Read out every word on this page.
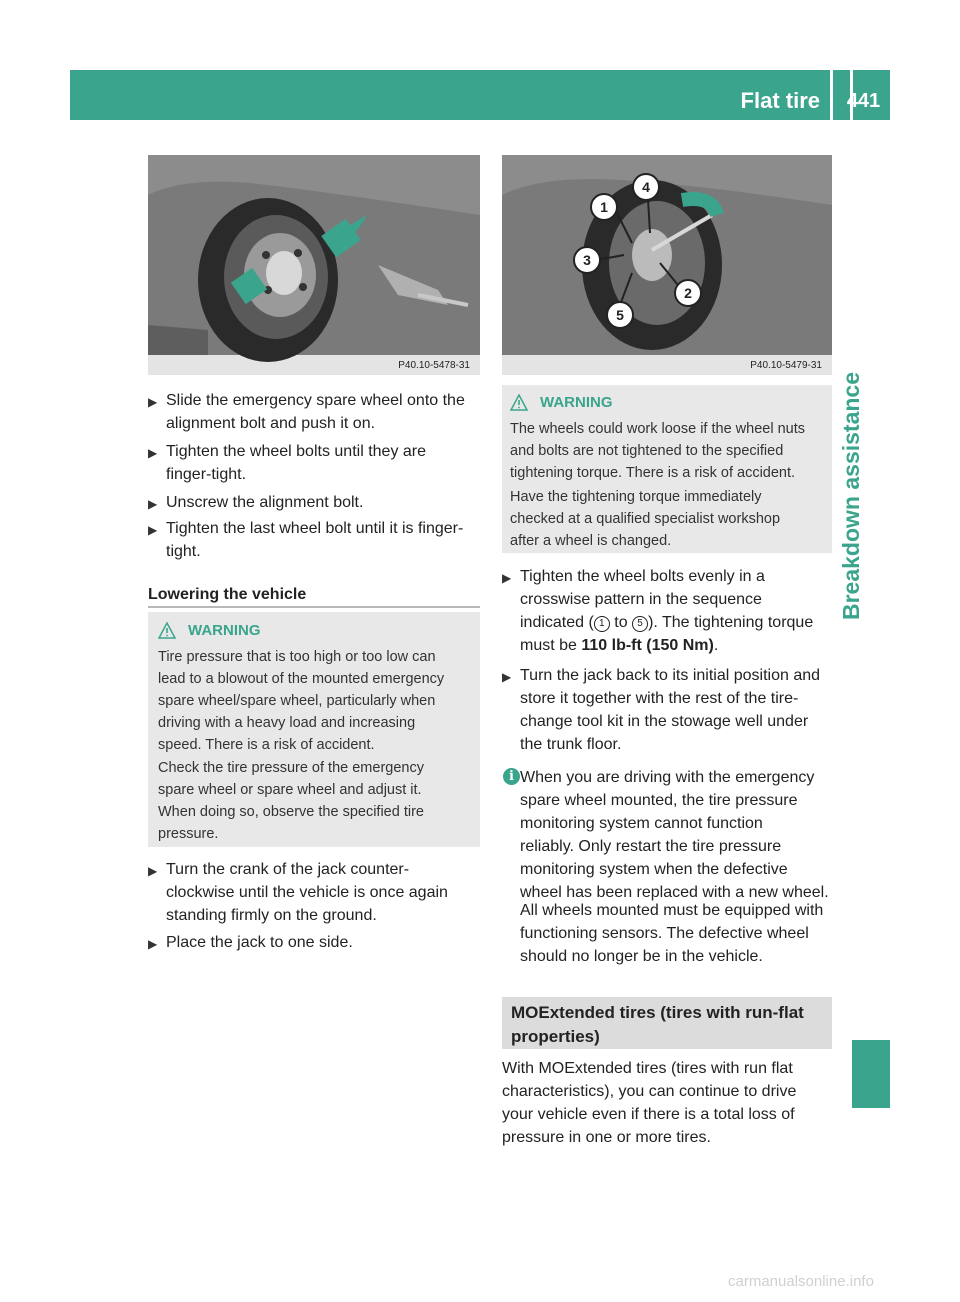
Flat tire 441
Breakdown assistance
P40.10-5478-31
1
2
3
4
5
P40.10-5479-31
▶ Slide the emergency spare wheel onto the
alignment bolt and push it on.
▶ Tighten the wheel bolts until they are
finger-tight.
▶ Unscrew the alignment bolt.
▶ Tighten the last wheel bolt until it is finger-
tight.
Lowering the vehicle
WARNING
Tire pressure that is too high or too low can
lead to a blowout of the mounted emergency
spare wheel/spare wheel, particularly when
driving with a heavy load and increasing
speed. There is a risk of accident.
Check the tire pressure of the emergency
spare wheel or spare wheel and adjust it.
When doing so, observe the specified tire
pressure.
▶ Turn the crank of the jack counter-
clockwise until the vehicle is once again
standing firmly on the ground.
▶ Place the jack to one side.
WARNING
The wheels could work loose if the wheel nuts
and bolts are not tightened to the specified
tightening torque. There is a risk of accident.
Have the tightening torque immediately
checked at a qualified specialist workshop
after a wheel is changed.
▶ Tighten the wheel bolts evenly in a
crosswise pattern in the sequence
indicated ( 1 to 5 ). The tightening torque
must be 110 lb-ft (150 Nm).
▶ Turn the jack back to its initial position and
store it together with the rest of the tire-
change tool kit in the stowage well under
the trunk floor.
i When you are driving with the emergency
spare wheel mounted, the tire pressure
monitoring system cannot function
reliably. Only restart the tire pressure
monitoring system when the defective
wheel has been replaced with a new wheel.
All wheels mounted must be equipped with
functioning sensors. The defective wheel
should no longer be in the vehicle.
MOExtended tires (tires with run-flat
properties)
With MOExtended tires (tires with run flat
characteristics), you can continue to drive
your vehicle even if there is a total loss of
pressure in one or more tires.
carmanualsonline.info
